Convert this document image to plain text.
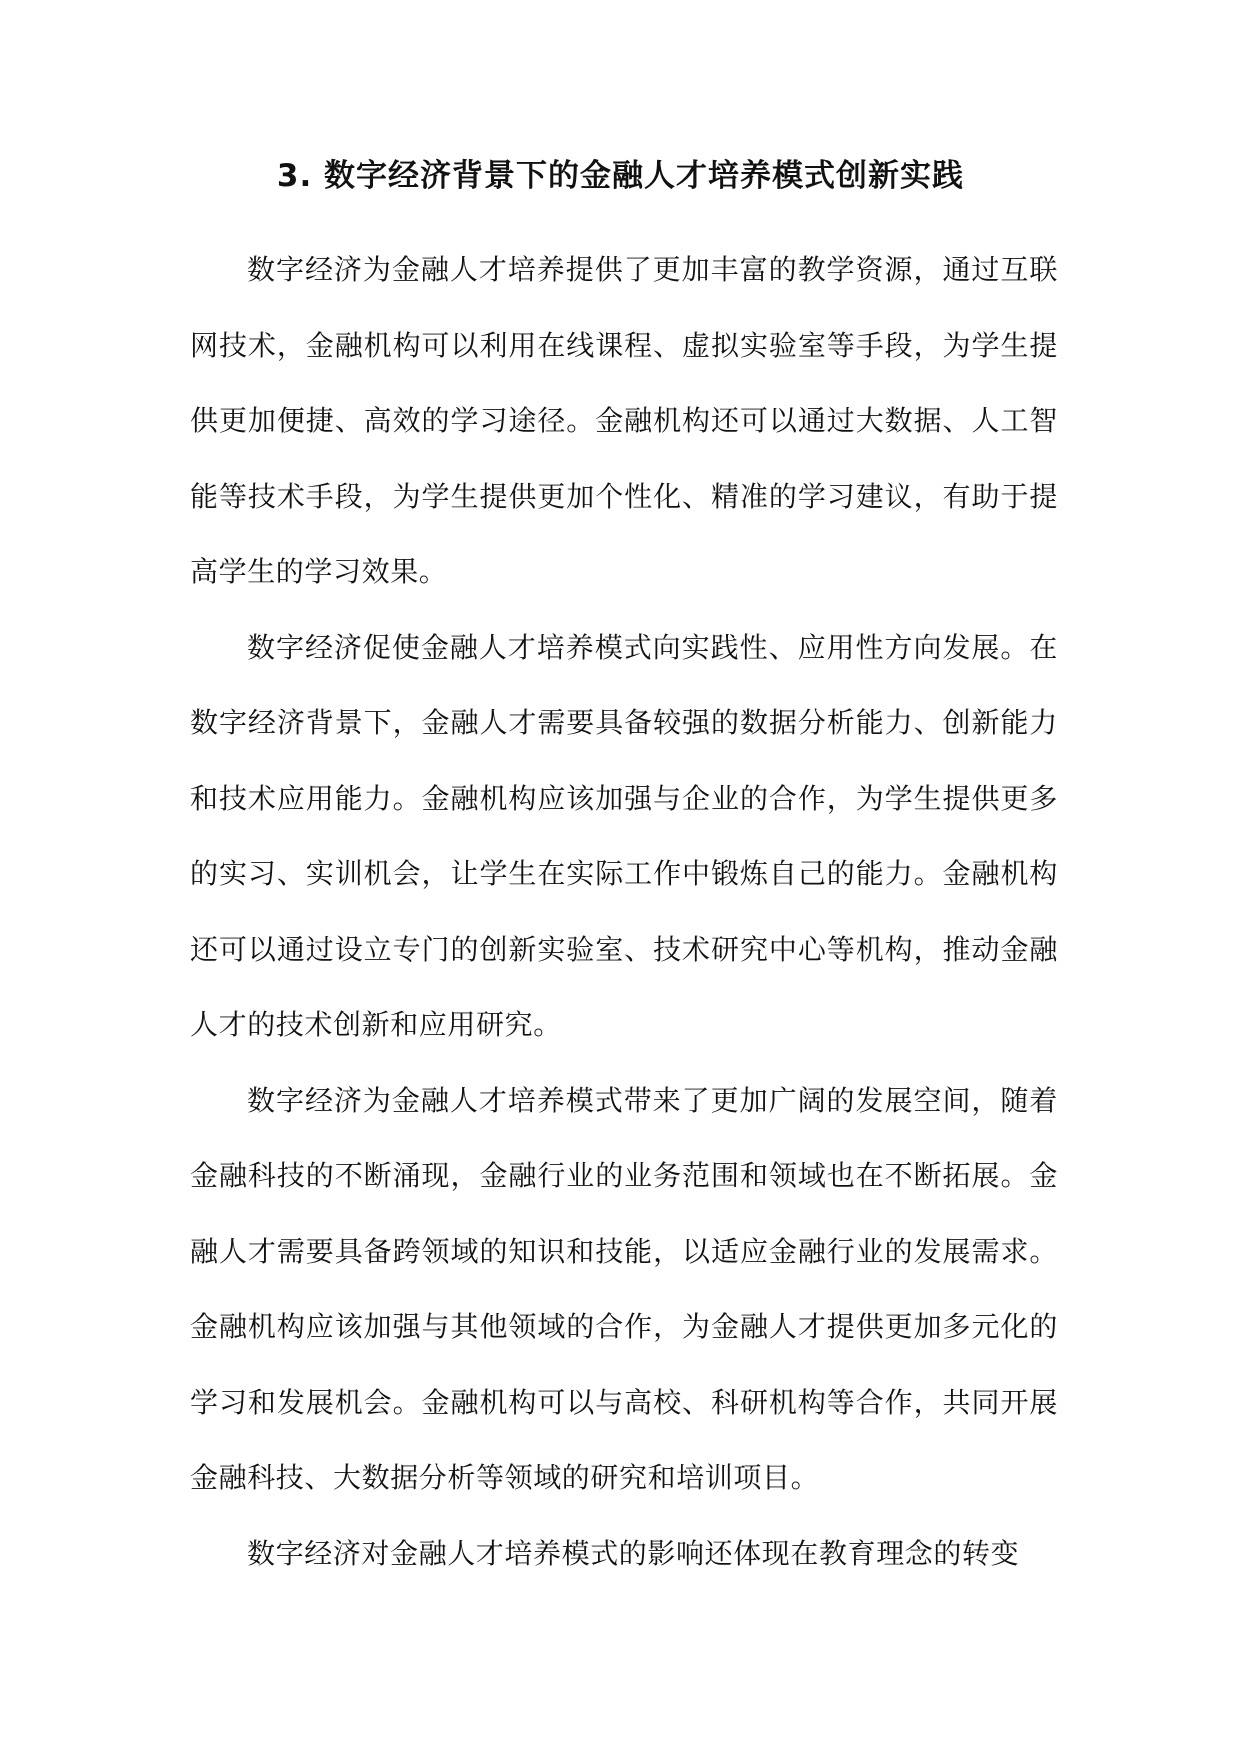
3. 数字经济背景下的金融人才培养模式创新实践

数字经济为金融人才培养提供了更加丰富的教学资源，通过互联网技术，金融机构可以利用在线课程、虚拟实验室等手段，为学生提供更加便捷、高效的学习途径。金融机构还可以通过大数据、人工智能等技术手段，为学生提供更加个性化、精准的学习建议，有助于提高学生的学习效果。

数字经济促使金融人才培养模式向实践性、应用性方向发展。在数字经济背景下，金融人才需要具备较强的数据分析能力、创新能力和技术应用能力。金融机构应该加强与企业的合作，为学生提供更多的实习、实训机会，让学生在实际工作中锻炼自己的能力。金融机构还可以通过设立专门的创新实验室、技术研究中心等机构，推动金融人才的技术创新和应用研究。

数字经济为金融人才培养模式带来了更加广阔的发展空间，随着金融科技的不断涌现，金融行业的业务范围和领域也在不断拓展。金融人才需要具备跨领域的知识和技能，以适应金融行业的发展需求。金融机构应该加强与其他领域的合作，为金融人才提供更加多元化的学习和发展机会。金融机构可以与高校、科研机构等合作，共同开展金融科技、大数据分析等领域的研究和培训项目。

数字经济对金融人才培养模式的影响还体现在教育理念的转变
